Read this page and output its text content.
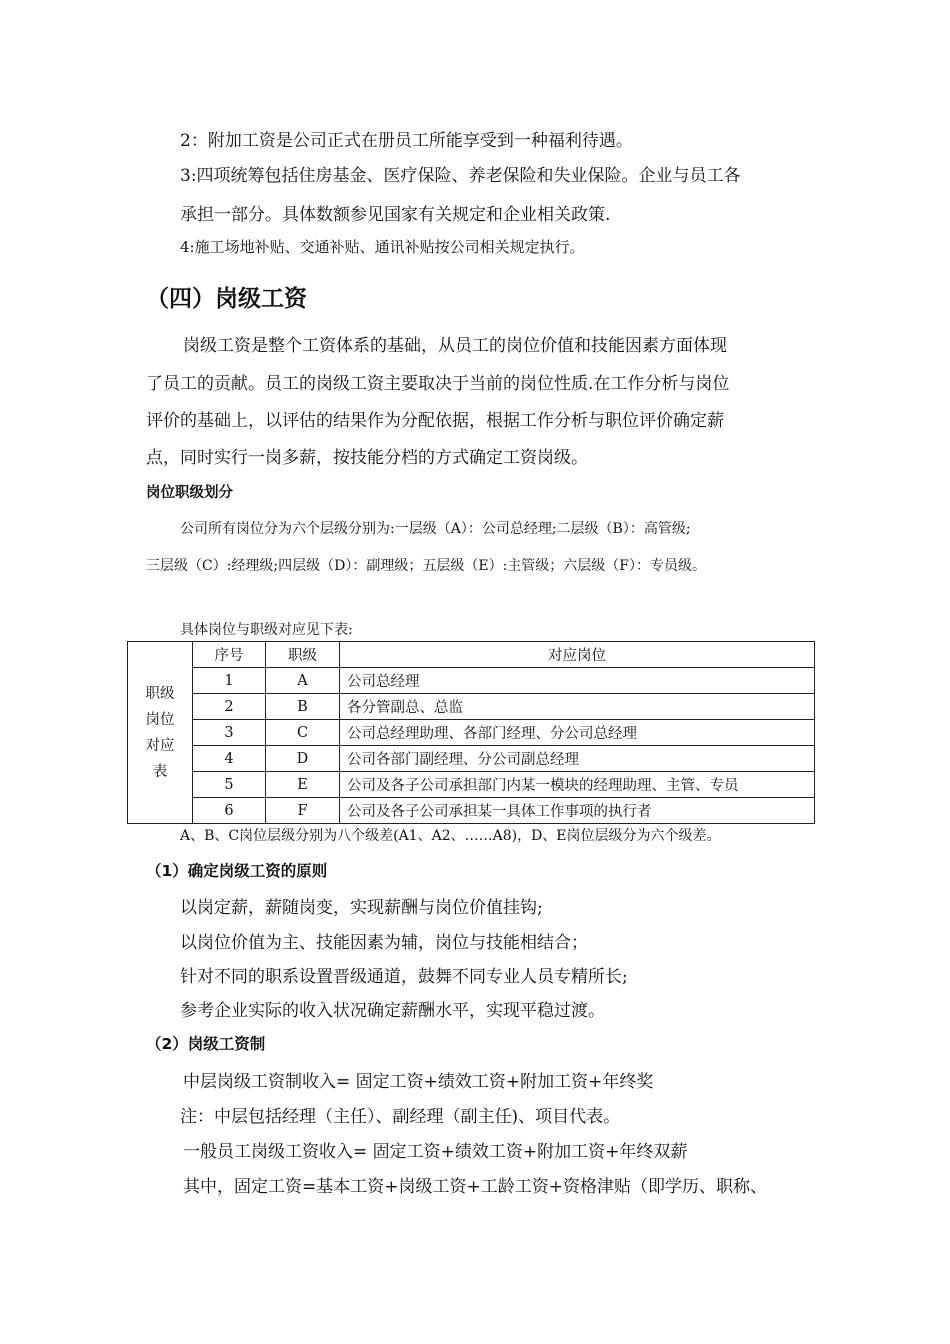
2：附加工资是公司正式在册员工所能享受到一种福利待遇。

3:四项统筹包括住房基金、医疗保险、养老保险和失业保险。企业与员工各

承担一部分。具体数额参见国家有关规定和企业相关政策.

4:施工场地补贴、交通补贴、通讯补贴按公司相关规定执行。

（四）岗级工资

岗级工资是整个工资体系的基础，从员工的岗位价值和技能因素方面体现

了员工的贡献。员工的岗级工资主要取决于当前的岗位性质.在工作分析与岗位

评价的基础上，以评估的结果作为分配依据，根据工作分析与职位评价确定薪

点，同时实行一岗多薪，按技能分档的方式确定工资岗级。

岗位职级划分

公司所有岗位分为六个层级分别为:一层级（A）：公司总经理;二层级（B）：高管级;

三层级（C）:经理级;四层级（D）：副理级；五层级（E）:主管级；六层级（F）：专员级。

具体岗位与职级对应见下表:

职级
岗位
对应
表	序号	职级	对应岗位
	1	A	公司总经理
	2	B	各分管副总、总监
	3	C	公司总经理助理、各部门经理、分公司总经理
	4	D	公司各部门副经理、分公司副总经理
	5	E	公司及各子公司承担部门内某一模块的经理助理、主管、专员
	6	F	公司及各子公司承担某一具体工作事项的执行者

A、B、C岗位层级分别为八个级差(A1、A2、……A8)，D、E岗位层级分为六个级差。

（1）确定岗级工资的原则

以岗定薪，薪随岗变，实现薪酬与岗位价值挂钩;

以岗位价值为主、技能因素为辅，岗位与技能相结合；

针对不同的职系设置晋级通道，鼓舞不同专业人员专精所长;

参考企业实际的收入状况确定薪酬水平，实现平稳过渡。

（2）岗级工资制

中层岗级工资制收入= 固定工资+绩效工资+附加工资+年终奖

注：中层包括经理（主任）、副经理（副主任)、项目代表。

一般员工岗级工资收入= 固定工资+绩效工资+附加工资+年终双薪

其中，固定工资=基本工资+岗级工资+工龄工资+资格津贴（即学历、职称、
